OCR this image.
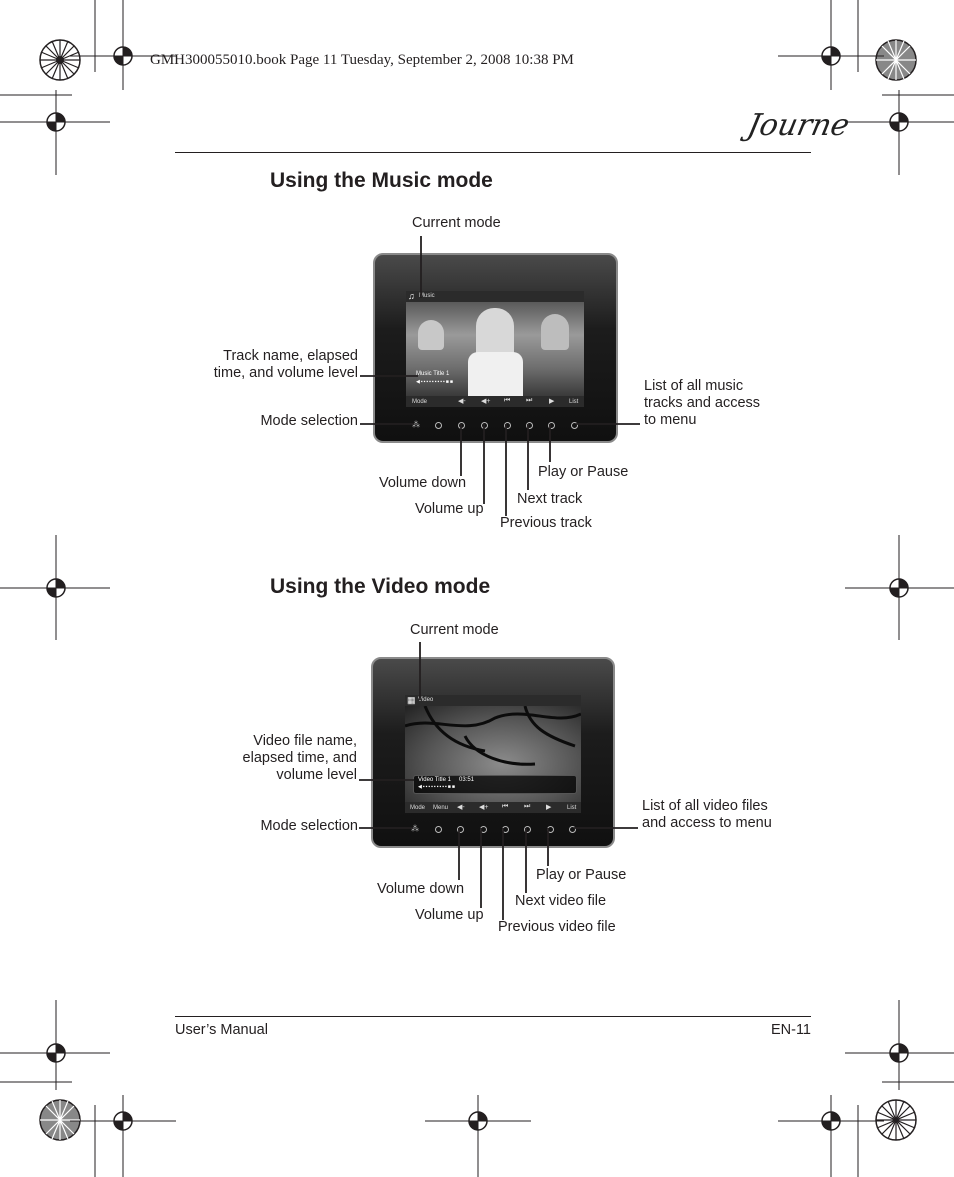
GMH300055010.book Page 11 Tuesday, September 2, 2008 10:38 PM
Journe
Using the Music mode
♫ Music
Music Title 1
◀▪▪▪▪▪▪▪▪▪■■
Mode	◀- ◀+ ⏮ ⏭ ▶ List
⁂
Current mode
Track name, elapsed
time, and volume level
Mode selection
List of all music
tracks and access
to menu
Play or Pause
Volume down
Next track
Volume up
Previous track
Using the Video mode
▦ Video
Video Title 1 03:51
◀▪▪▪▪▪▪▪▪▪■■
Mode Menu ◀- ◀+ ⏮ ⏭ ▶	List
⁂
Current mode
Video file name,
elapsed time, and
volume level
Mode selection
List of all video files
and access to menu
Play or Pause
Volume down
Next video file
Volume up
Previous video file
User’s Manual	EN-11
